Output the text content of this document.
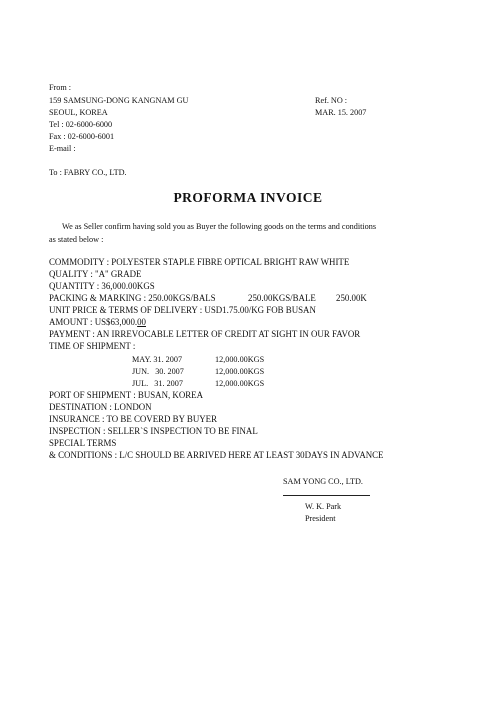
From :
159 SAMSUNG-DONG KANGNAM GU
SEOUL, KOREA
Tel : 02-6000-6000
Fax : 02-6000-6001
E-mail :
Ref. NO :
MAR. 15. 2007
To : FABRY CO., LTD.
PROFORMA INVOICE
We as Seller confirm having sold you as Buyer the following goods on the terms and conditions
as stated below :
COMMODITY : POLYESTER STAPLE FIBRE OPTICAL BRIGHT RAW WHITE
QUALITY : "A" GRADE
QUANTITY : 36,000.00KGS
PACKING & MARKING : 250.00KGS/BALS	250.00KGS/BALE 250.00K
UNIT PRICE & TERMS OF DELIVERY : USD1.75.00/KG FOB BUSAN
AMOUNT : US$63,000.00
PAYMENT : AN IRREVOCABLE LETTER OF CREDIT AT SIGHT IN OUR FAVOR
TIME OF SHIPMENT :
MAY. 31. 2007	12,000.00KGS
JUN.   30. 2007	12,000.00KGS
JUL.   31. 2007	12,000.00KGS
PORT OF SHIPMENT : BUSAN, KOREA
DESTINATION : LONDON
INSURANCE : TO BE COVERD BY BUYER
INSPECTION : SELLER`S INSPECTION TO BE FINAL
SPECIAL TERMS
& CONDITIONS : L/C SHOULD BE ARRIVED HERE AT LEAST 30DAYS IN ADVANCE
SAM YONG CO., LTD.
W. K. Park
President
